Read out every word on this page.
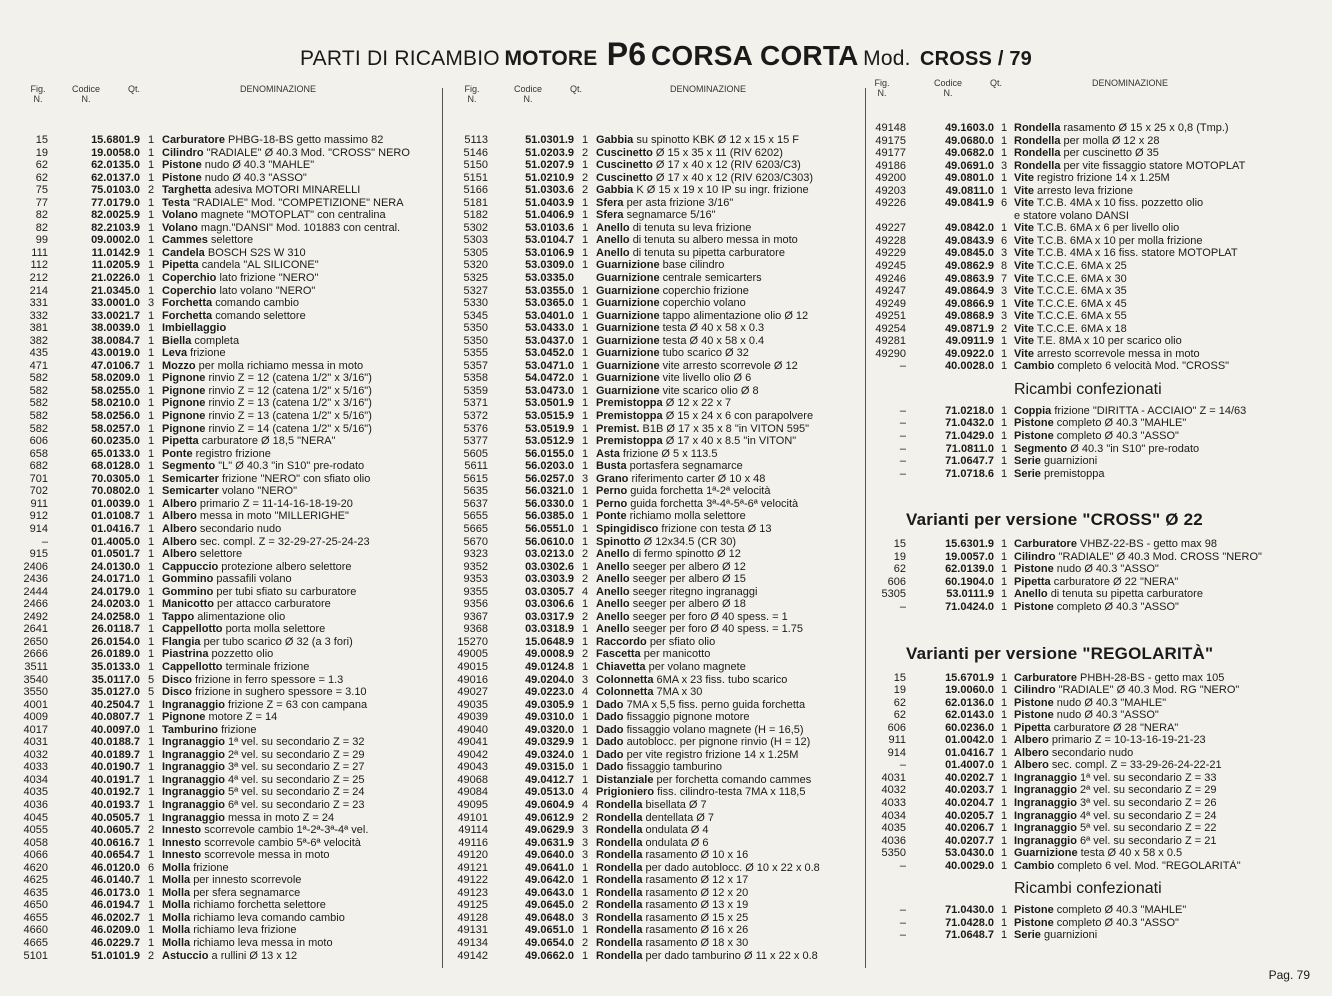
PARTI DI RICAMBIO MOTORE P6 CORSA CORTA Mod. CROSS / 79
Fig. N.
Codice N.
Qt.	DENOMINAZIONE
15	15.6801.9 1 Carburatore PHBG-18-BS getto massimo 82
19	19.0058.0 1 Cilindro "RADIALE" Ø 40.3 Mod. "CROSS" NERO
62	62.0135.0 1 Pistone nudo Ø 40.3 "MAHLE"
62	62.0137.0 1 Pistone nudo Ø 40.3 "ASSO"
75	75.0103.0 2 Targhetta adesiva MOTORI MINARELLI
77	77.0179.0 1 Testa "RADIALE" Mod. "COMPETIZIONE" NERA
82	82.0025.9 1 Volano magnete "MOTOPLAT" con centralina
82	82.2103.9 1 Volano magn."DANSI" Mod. 101883 con central.
99	09.0002.0 1 Cammes selettore
111	11.0142.9 1 Candela BOSCH S2S W 310
112	11.0205.9 1 Pipetta candela "AL SILICONE"
212	21.0226.0 1 Coperchio lato frizione "NERO"
214	21.0345.0 1 Coperchio lato volano "NERO"
331	33.0001.0 3 Forchetta comando cambio
332	33.0021.7 1 Forchetta comando selettore
381	38.0039.0 1 Imbiellaggio
382	38.0084.7 1 Biella completa
435	43.0019.0 1 Leva frizione
471	47.0106.7 1 Mozzo per molla richiamo messa in moto
582	58.0209.0 1 Pignone rinvio Z = 12 (catena 1/2" x 3/16")
582	58.0255.0 1 Pignone rinvio Z = 12 (catena 1/2" x 5/16")
582	58.0210.0 1 Pignone rinvio Z = 13 (catena 1/2" x 3/16")
582	58.0256.0 1 Pignone rinvio Z = 13 (catena 1/2" x 5/16")
582	58.0257.0 1 Pignone rinvio Z = 14 (catena 1/2" x 5/16")
606	60.0235.0 1 Pipetta carburatore Ø 18,5 "NERA"
658	65.0133.0 1 Ponte registro frizione
682	68.0128.0 1 Segmento "L" Ø 40.3 "in S10" pre-rodato
701	70.0305.0 1 Semicarter frizione "NERO" con sfiato olio
702	70.0802.0 1 Semicarter volano "NERO"
911	01.0039.0 1 Albero primario Z = 11-14-16-18-19-20
912	01.0108.7 1 Albero messa in moto "MILLERIGHE"
914	01.0416.7 1 Albero secondario nudo
–	01.4005.0 1 Albero sec. compl. Z = 32-29-27-25-24-23
915	01.0501.7 1 Albero selettore
2406	24.0130.0 1 Cappuccio protezione albero selettore
2436	24.0171.0 1 Gommino passafili volano
2444	24.0179.0 1 Gommino per tubi sfiato su carburatore
2466	24.0203.0 1 Manicotto per attacco carburatore
2492	24.0258.0 1 Tappo alimentazione olio
2641	26.0118.7 1 Cappellotto porta molla selettore
2650	26.0154.0 1 Flangia per tubo scarico Ø 32 (a 3 fori)
2666	26.0189.0 1 Piastrina pozzetto olio
3511	35.0133.0 1 Cappellotto terminale frizione
3540	35.0117.0 5 Disco frizione in ferro spessore = 1.3
3550	35.0127.0 5 Disco frizione in sughero spessore = 3.10
4001	40.2504.7 1 Ingranaggio frizione Z = 63 con campana
4009	40.0807.7 1 Pignone motore Z = 14
4017	40.0097.0 1 Tamburino frizione
4031	40.0188.7 1 Ingranaggio 1ª vel. su secondario Z = 32
4032	40.0189.7 1 Ingranaggio 2ª vel. su secondario Z = 29
4033	40.0190.7 1 Ingranaggio 3ª vel. su secondario Z = 27
4034	40.0191.7 1 Ingranaggio 4ª vel. su secondario Z = 25
4035	40.0192.7 1 Ingranaggio 5ª vel. su secondario Z = 24
4036	40.0193.7 1 Ingranaggio 6ª vel. su secondario Z = 23
4045	40.0505.7 1 Ingranaggio messa in moto Z = 24
4055	40.0605.7 2 Innesto scorrevole cambio 1ª-2ª-3ª-4ª vel.
4058	40.0616.7 1 Innesto scorrevole cambio 5ª-6ª velocità
4066	40.0654.7 1 Innesto scorrevole messa in moto
4620	46.0120.0 6 Molla frizione
4625	46.0140.7 1 Molla per innesto scorrevole
4635	46.0173.0 1 Molla per sfera segnamarce
4650	46.0194.7 1 Molla richiamo forchetta selettore
4655	46.0202.7 1 Molla richiamo leva comando cambio
4660	46.0209.0 1 Molla richiamo leva frizione
4665	46.0229.7 1 Molla richiamo leva messa in moto
5101	51.0101.9 2 Astuccio a rullini Ø 13 x 12
Fig. N.
Codice N.
Qt.	DENOMINAZIONE
5113	51.0301.9 1 Gabbia su spinotto KBK Ø 12 x 15 x 15 F
5146	51.0203.9 2 Cuscinetto Ø 15 x 35 x 11 (RIV 6202)
5150	51.0207.9 1 Cuscinetto Ø 17 x 40 x 12 (RIV 6203/C3)
5151	51.0210.9 2 Cuscinetto Ø 17 x 40 x 12 (RIV 6203/C303)
5166	51.0303.6 2 Gabbia K Ø 15 x 19 x 10 IP su ingr. frizione
5181	51.0403.9 1 Sfera per asta frizione 3/16"
5182	51.0406.9 1 Sfera segnamarce 5/16"
5302	53.0103.6 1 Anello di tenuta su leva frizione
5303	53.0104.7 1 Anello di tenuta su albero messa in moto
5305	53.0106.9 1 Anello di tenuta su pipetta carburatore
5320	53.0309.0 1 Guarnizione base cilindro
5325	53.0335.0 Guarnizione centrale semicarters
5327	53.0355.0 1 Guarnizione coperchio frizione
5330	53.0365.0 1 Guarnizione coperchio volano
5345	53.0401.0 1 Guarnizione tappo alimentazione olio Ø 12
5350	53.0433.0 1 Guarnizione testa Ø 40 x 58 x 0.3
5350	53.0437.0 1 Guarnizione testa Ø 40 x 58 x 0.4
5355	53.0452.0 1 Guarnizione tubo scarico Ø 32
5357	53.0471.0 1 Guarnizione vite arresto scorrevole Ø 12
5358	54.0472.0 1 Guarnizione vite livello olio Ø 6
5359	53.0473.0 1 Guarnizione vite scarico olio Ø 8
5371	53.0501.9 1 Premistoppa Ø 12 x 22 x 7
5372	53.0515.9 1 Premistoppa Ø 15 x 24 x 6 con parapolvere
5376	53.0519.9 1 Premist. B1B Ø 17 x 35 x 8 "in VITON 595"
5377	53.0512.9 1 Premistoppa Ø 17 x 40 x 8.5 "in VITON"
5605	56.0155.0 1 Asta frizione Ø 5 x 113.5
5611	56.0203.0 1 Busta portasfera segnamarce
5615	56.0257.0 3 Grano riferimento carter Ø 10 x 48
5635	56.0321.0 1 Perno guida forchetta 1ª-2ª velocità
5637	56.0330.0 1 Perno guida forchetta 3ª-4ª-5ª-6ª velocità
5655	56.0385.0 1 Ponte richiamo molla selettore
5665	56.0551.0 1 Spingidisco frizione con testa Ø 13
5670	56.0610.0 1 Spinotto Ø 12x34.5 (CR 30)
9323	03.0213.0 2 Anello di fermo spinotto Ø 12
9352	03.0302.6 1 Anello seeger per albero Ø 12
9353	03.0303.9 2 Anello seeger per albero Ø 15
9355	03.0305.7 4 Anello seeger ritegno ingranaggi
9356	03.0306.6 1 Anello seeger per albero Ø 18
9367	03.0317.9 2 Anello seeger per foro Ø 40 spess. = 1
9368	03.0318.9 1 Anello seeger per foro Ø 40 spess. = 1.75
15270	15.0648.9 1 Raccordo per sfiato olio
49005	49.0008.9 2 Fascetta per manicotto
49015	49.0124.8 1 Chiavetta per volano magnete
49016	49.0204.0 3 Colonnetta 6MA x 23 fiss. tubo scarico
49027	49.0223.0 4 Colonnetta 7MA x 30
49035	49.0305.9 1 Dado 7MA x 5,5 fiss. perno guida forchetta
49039	49.0310.0 1 Dado fissaggio pignone motore
49040	49.0320.0 1 Dado fissaggio volano magnete (H = 16,5)
49041	49.0329.9 1 Dado autoblocc. per pignone rinvio (H = 12)
49042	49.0324.0 1 Dado per vite registro frizione 14 x 1.25M
49043	49.0315.0 1 Dado fissaggio tamburino
49068	49.0412.7 1 Distanziale per forchetta comando cammes
49084	49.0513.0 4 Prigioniero fiss. cilindro-testa 7MA x 118,5
49095	49.0604.9 4 Rondella bisellata Ø 7
49101	49.0612.9 2 Rondella dentellata Ø 7
49114	49.0629.9 3 Rondella ondulata Ø 4
49116	49.0631.9 3 Rondella ondulata Ø 6
49120	49.0640.0 3 Rondella rasamento Ø 10 x 16
49121	49.0641.0 1 Rondella per dado autoblocc. Ø 10 x 22 x 0.8
49122	49.0642.0 1 Rondella rasamento Ø 12 x 17
49123	49.0643.0 1 Rondella rasamento Ø 12 x 20
49125	49.0645.0 2 Rondella rasamento Ø 13 x 19
49128	49.0648.0 3 Rondella rasamento Ø 15 x 25
49131	49.0651.0 1 Rondella rasamento Ø 16 x 26
49134	49.0654.0 2 Rondella rasamento Ø 18 x 30
49142	49.0662.0 1 Rondella per dado tamburino Ø 11 x 22 x 0.8
Fig. N.
Codice N.
Qt.	DENOMINAZIONE
49148	49.1603.0 1 Rondella rasamento Ø 15 x 25 x 0,8 (Tmp.)
49175	49.0680.0 1 Rondella per molla Ø 12 x 28
49177	49.0682.0 1 Rondella per cuscinetto Ø 35
49186	49.0691.0 3 Rondella per vite fissaggio statore MOTOPLAT
49200	49.0801.0 1 Vite registro frizione 14 x 1.25M
49203	49.0811.0 1 Vite arresto leva frizione
49226	49.0841.9 6 Vite T.C.B. 4MA x 10 fiss. pozzetto olio
e statore volano DANSI
49227	49.0842.0 1 Vite T.C.B. 6MA x 6 per livello olio
49228	49.0843.9 6 Vite T.C.B. 6MA x 10 per molla frizione
49229	49.0845.0 3 Vite T.C.B. 4MA x 16 fiss. statore MOTOPLAT
49245	49.0862.9 8 Vite T.C.C.E. 6MA x 25
49246	49.0863.9 7 Vite T.C.C.E. 6MA x 30
49247	49.0864.9 3 Vite T.C.C.E. 6MA x 35
49249	49.0866.9 1 Vite T.C.C.E. 6MA x 45
49251	49.0868.9 3 Vite T.C.C.E. 6MA x 55
49254	49.0871.9 2 Vite T.C.C.E. 6MA x 18
49281	49.0911.9 1 Vite T.E. 8MA x 10 per scarico olio
49290	49.0922.0 1 Vite arresto scorrevole messa in moto
–	40.0028.0 1 Cambio completo 6 velocità Mod. "CROSS"
Ricambi confezionati
–	71.0218.0 1 Coppia frizione "DIRITTA - ACCIAIO" Z = 14/63
–	71.0432.0 1 Pistone completo Ø 40.3 "MAHLE"
–	71.0429.0 1 Pistone completo Ø 40.3 "ASSO"
–	71.0811.0 1 Segmento Ø 40.3 "in S10" pre-rodato
–	71.0647.7 1 Serie guarnizioni
–	71.0718.6 1 Serie premistoppa
Varianti per versione "CROSS" Ø 22
15	15.6301.9 1 Carburatore VHBZ-22-BS - getto max 98
19	19.0057.0 1 Cilindro "RADIALE" Ø 40.3 Mod. CROSS "NERO"
62	62.0139.0 1 Pistone nudo Ø 40.3 "ASSO"
606	60.1904.0 1 Pipetta carburatore Ø 22 "NERA"
5305	53.0111.9 1 Anello di tenuta su pipetta carburatore
–	71.0424.0 1 Pistone completo Ø 40.3 "ASSO"
Varianti per versione "REGOLARITÀ"
15	15.6701.9 1 Carburatore PHBH-28-BS - getto max 105
19	19.0060.0 1 Cilindro "RADIALE" Ø 40.3 Mod. RG "NERO"
62	62.0136.0 1 Pistone nudo Ø 40.3 "MAHLE"
62	62.0143.0 1 Pistone nudo Ø 40.3 "ASSO"
606	60.0236.0 1 Pipetta carburatore Ø 28 "NERA"
911	01.0042.0 1 Albero primario Z = 10-13-16-19-21-23
914	01.0416.7 1 Albero secondario nudo
–	01.4007.0 1 Albero sec. compl. Z = 33-29-26-24-22-21
4031	40.0202.7 1 Ingranaggio 1ª vel. su secondario Z = 33
4032	40.0203.7 1 Ingranaggio 2ª vel. su secondario Z = 29
4033	40.0204.7 1 Ingranaggio 3ª vel. su secondario Z = 26
4034	40.0205.7 1 Ingranaggio 4ª vel. su secondario Z = 24
4035	40.0206.7 1 Ingranaggio 5ª vel. su secondario Z = 22
4036	40.0207.7 1 Ingranaggio 6ª vel. su secondario Z = 21
5350	53.0430.0 1 Guarnizione testa Ø 40 x 58 x 0.5
–	40.0029.0 1 Cambio completo 6 vel. Mod. "REGOLARITÀ"
Ricambi confezionati
–	71.0430.0 1 Pistone completo Ø 40.3 "MAHLE"
–	71.0428.0 1 Pistone completo Ø 40.3 "ASSO"
–	71.0648.7 1 Serie guarnizioni
Pag. 79
